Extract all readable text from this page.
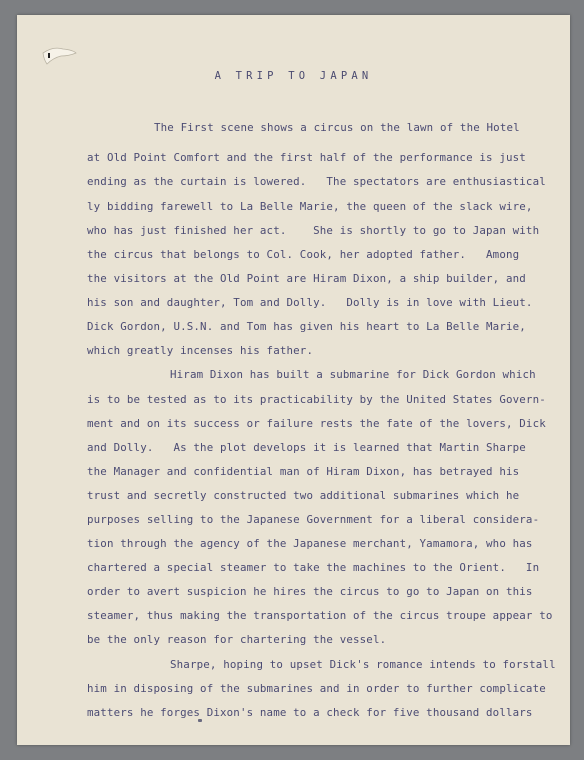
A TRIP TO JAPAN
The First scene shows a circus on the lawn of the Hotel
at Old Point Comfort and the first half of the performance is just
ending as the curtain is lowered.   The spectators are enthusiastical
ly bidding farewell to La Belle Marie, the queen of the slack wire,
who has just finished her act.    She is shortly to go to Japan with
the circus that belongs to Col. Cook, her adopted father.   Among
the visitors at the Old Point are Hiram Dixon, a ship builder, and
his son and daughter, Tom and Dolly.   Dolly is in love with Lieut.
Dick Gordon, U.S.N. and Tom has given his heart to La Belle Marie,
which greatly incenses his father.
Hiram Dixon has built a submarine for Dick Gordon which
is to be tested as to its practicability by the United States Govern-
ment and on its success or failure rests the fate of the lovers, Dick
and Dolly.   As the plot develops it is learned that Martin Sharpe
the Manager and confidential man of Hiram Dixon, has betrayed his
trust and secretly constructed two additional submarines which he
purposes selling to the Japanese Government for a liberal considera-
tion through the agency of the Japanese merchant, Yamamora, who has
chartered a special steamer to take the machines to the Orient.   In
order to avert suspicion he hires the circus to go to Japan on this
steamer, thus making the transportation of the circus troupe appear to
be the only reason for chartering the vessel.
Sharpe, hoping to upset Dick's romance intends to forstall
him in disposing of the submarines and in order to further complicate
matters he forges Dixon's name to a check for five thousand dollars
